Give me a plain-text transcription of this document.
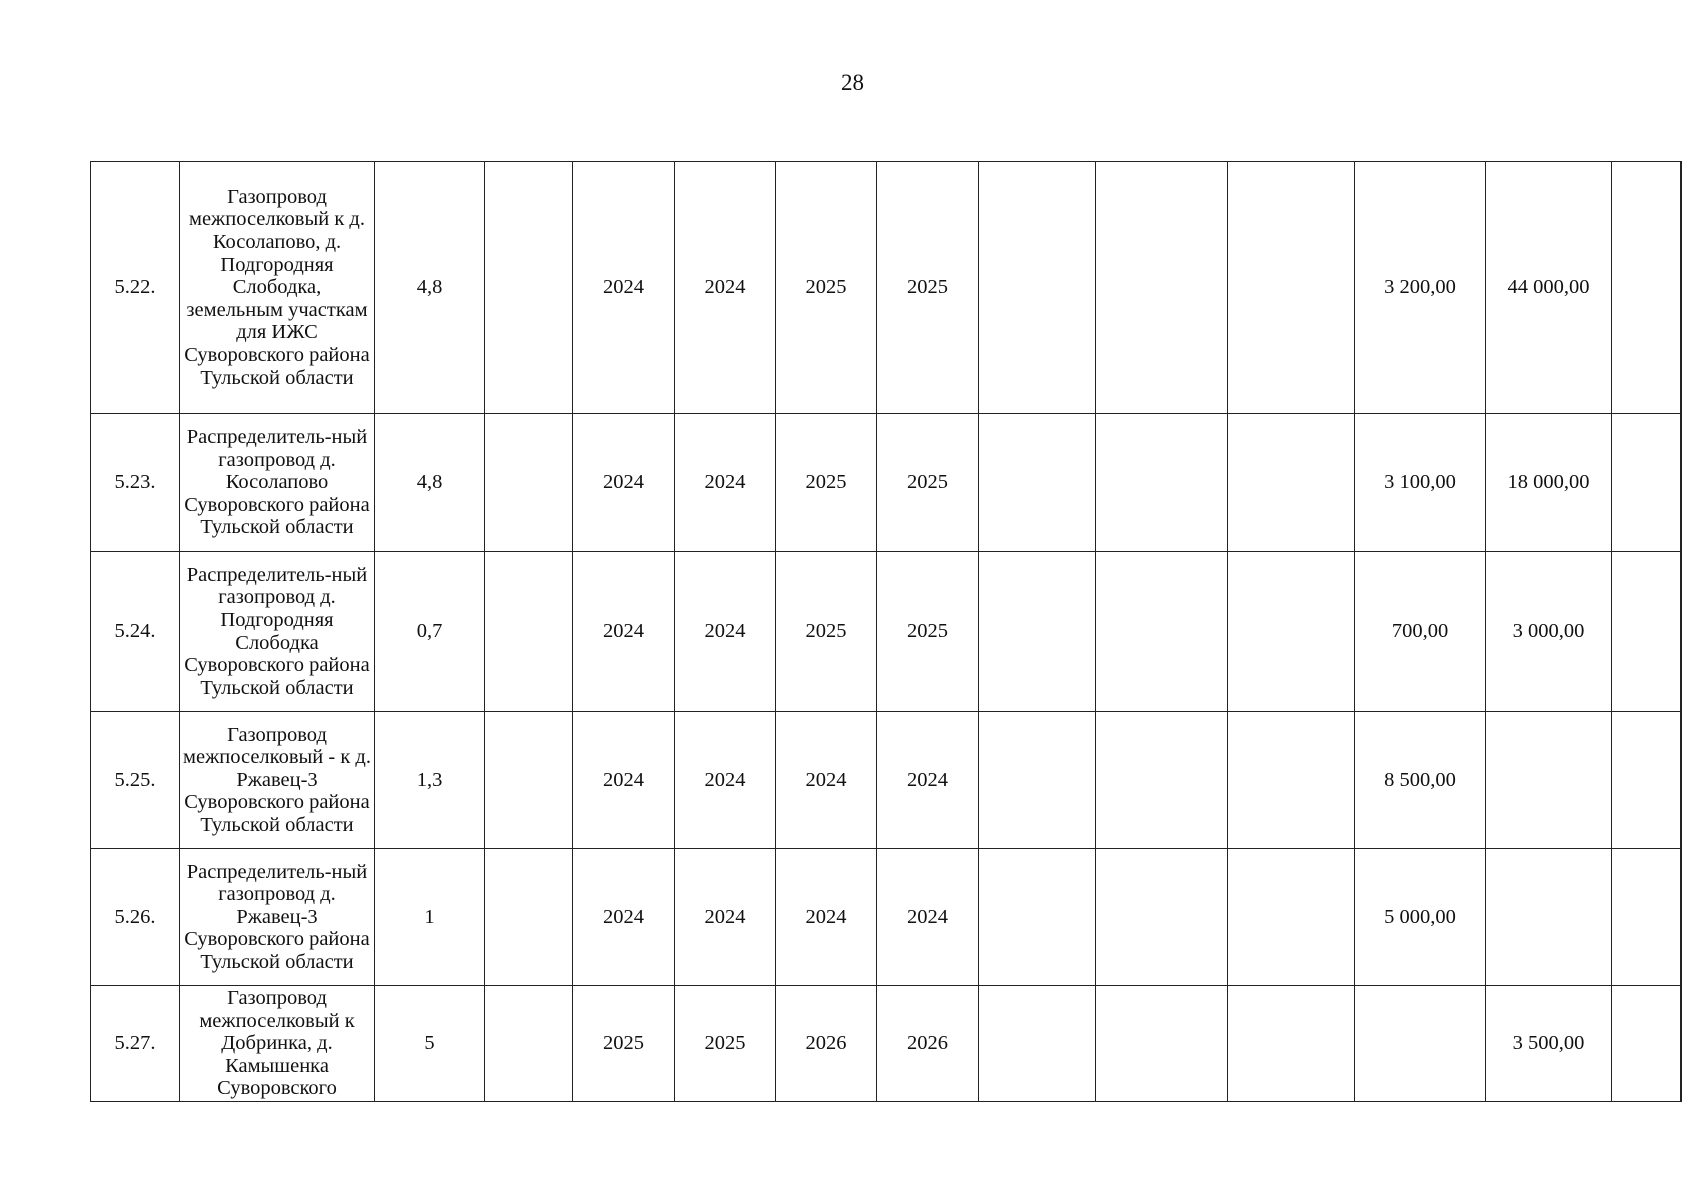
28
5.22.	Газопровод межпоселковый к д. Косолапово, д. Подгородняя Слободка, земельным участкам для ИЖС Суворовского района Тульской области	4,8		2024	2024	2025	2025				3 200,00	44 000,00	
5.23.	Распределитель-ный газопровод д. Косолапово Суворовского района Тульской области	4,8		2024	2024	2025	2025				3 100,00	18 000,00	
5.24.	Распределитель-ный газопровод д. Подгородняя Слободка Суворовского района Тульской области	0,7		2024	2024	2025	2025				700,00	3 000,00	
5.25.	Газопровод межпоселковый - к д. Ржавец-3 Суворовского района Тульской области	1,3		2024	2024	2024	2024				8 500,00		
5.26.	Распределитель-ный газопровод д. Ржавец-3 Суворовского района Тульской области	1		2024	2024	2024	2024				5 000,00		
5.27.	Газопровод межпоселковый к Добринка, д. Камышенка Суворовского	5		2025	2025	2026	2026					3 500,00	
